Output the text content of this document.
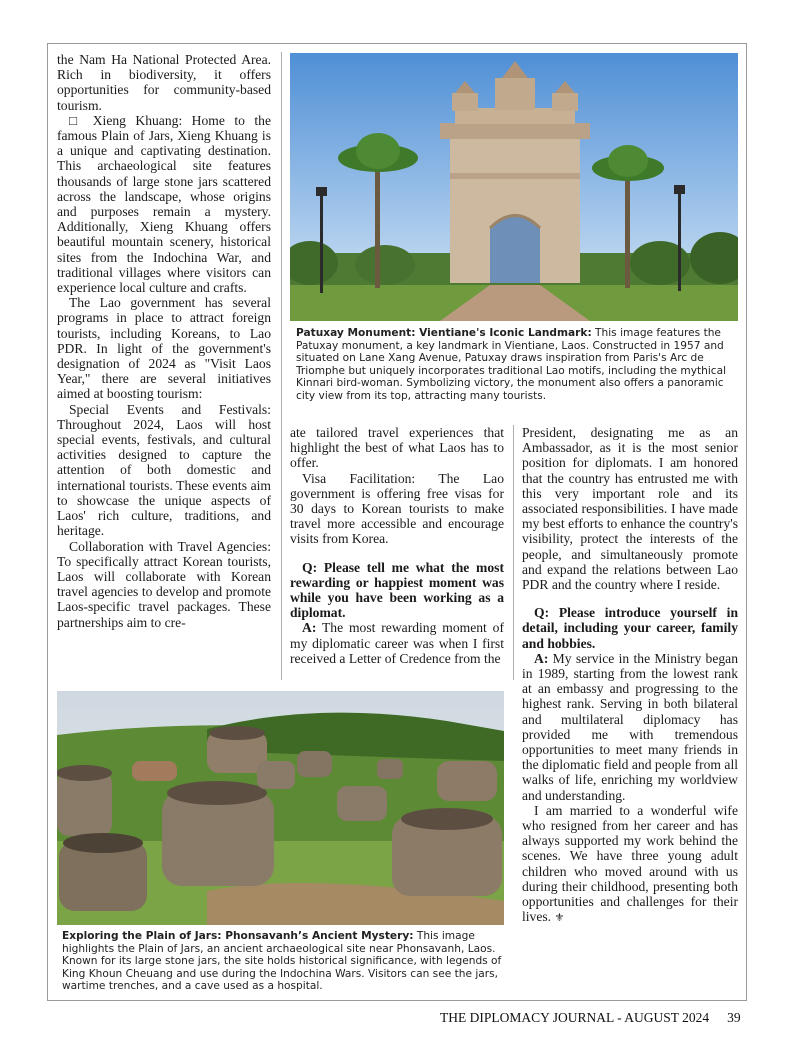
the Nam Ha National Protected Area. Rich in biodiversity, it offers opportunities for community-based tourism.

□ Xieng Khuang: Home to the famous Plain of Jars, Xieng Khuang is a unique and captivating destination. This archaeological site features thousands of large stone jars scattered across the landscape, whose origins and purposes remain a mystery. Additionally, Xieng Khuang offers beautiful mountain scenery, historical sites from the Indochina War, and traditional villages where visitors can experience local culture and crafts.

The Lao government has several programs in place to attract foreign tourists, including Koreans, to Lao PDR. In light of the government's designation of 2024 as "Visit Laos Year," there are several initiatives aimed at boosting tourism:

Special Events and Festivals: Throughout 2024, Laos will host special events, festivals, and cultural activities designed to capture the attention of both domestic and international tourists. These events aim to showcase the unique aspects of Laos' rich culture, traditions, and heritage.

Collaboration with Travel Agencies: To specifically attract Korean tourists, Laos will collaborate with Korean travel agencies to develop and promote Laos-specific travel packages. These partnerships aim to cre-

Patuxay Monument: Vientiane's Iconic Landmark: This image features the Patuxay monument, a key landmark in Vientiane, Laos. Constructed in 1957 and situated on Lane Xang Avenue, Patuxay draws inspiration from Paris's Arc de Triomphe but uniquely incorporates traditional Lao motifs, including the mythical Kinnari bird-woman. Symbolizing victory, the monument also offers a panoramic city view from its top, attracting many tourists.

ate tailored travel experiences that highlight the best of what Laos has to offer.

Visa Facilitation: The Lao government is offering free visas for 30 days to Korean tourists to make travel more accessible and encourage visits from Korea.

Q: Please tell me what the most rewarding or happiest moment was while you have been working as a diplomat.

A: The most rewarding moment of my diplomatic career was when I first received a Letter of Credence from the

President, designating me as an Ambassador, as it is the most senior position for diplomats. I am honored that the country has entrusted me with this very important role and its associated responsibilities. I have made my best efforts to enhance the country's visibility, protect the interests of the people, and simultaneously promote and expand the relations between Lao PDR and the country where I reside.

Q: Please introduce yourself in detail, including your career, family and hobbies.

A: My service in the Ministry began in 1989, starting from the lowest rank at an embassy and progressing to the highest rank. Serving in both bilateral and multilateral diplomacy has provided me with tremendous opportunities to meet many friends in the diplomatic field and people from all walks of life, enriching my worldview and understanding.

I am married to a wonderful wife who resigned from her career and has always supported my work behind the scenes. We have three young adult children who moved around with us during their childhood, presenting both opportunities and challenges for their lives. ⚜

Exploring the Plain of Jars: Phonsavanh’s Ancient Mystery: This image highlights the Plain of Jars, an ancient archaeological site near Phonsavanh, Laos. Known for its large stone jars, the site holds historical significance, with legends of King Khoun Cheuang and use during the Indochina Wars. Visitors can see the jars, wartime trenches, and a cave used as a hospital.
THE DIPLOMACY JOURNAL - AUGUST 2024 39
